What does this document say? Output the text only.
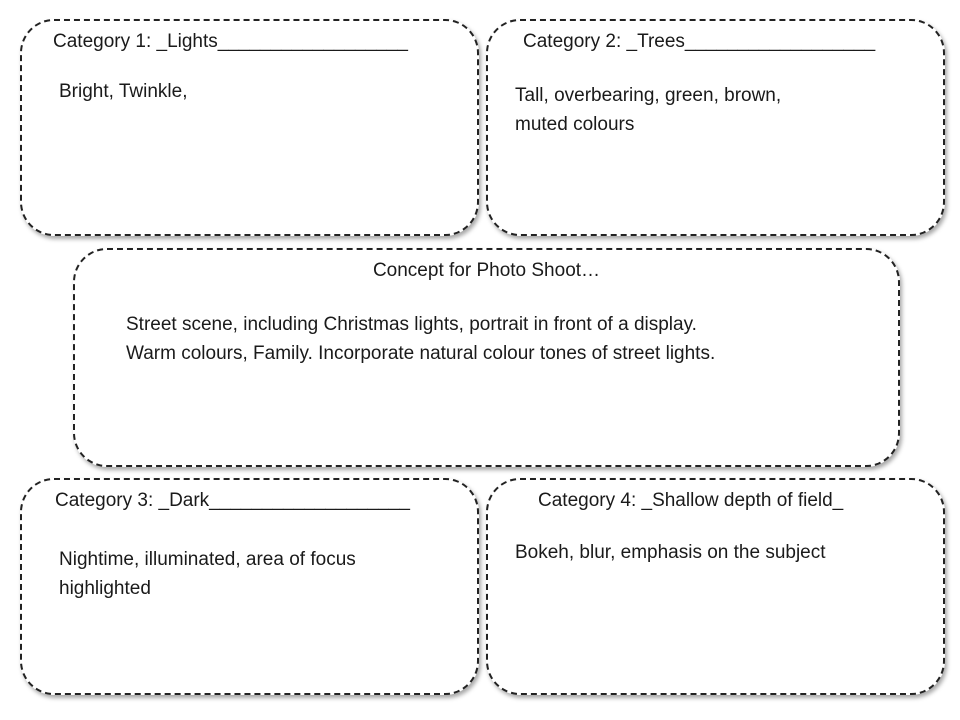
Category 1: _Lights__________________
Bright, Twinkle,
Category 2: _Trees__________________
Tall, overbearing, green, brown,
muted colours
Concept for Photo Shoot…
Street scene, including Christmas lights, portrait in front of a display.
Warm colours, Family. Incorporate natural colour tones of street lights.
Category 3: _Dark___________________
Nightime, illuminated, area of focus
highlighted
Category 4: _Shallow depth of field_
Bokeh, blur, emphasis on the subject
